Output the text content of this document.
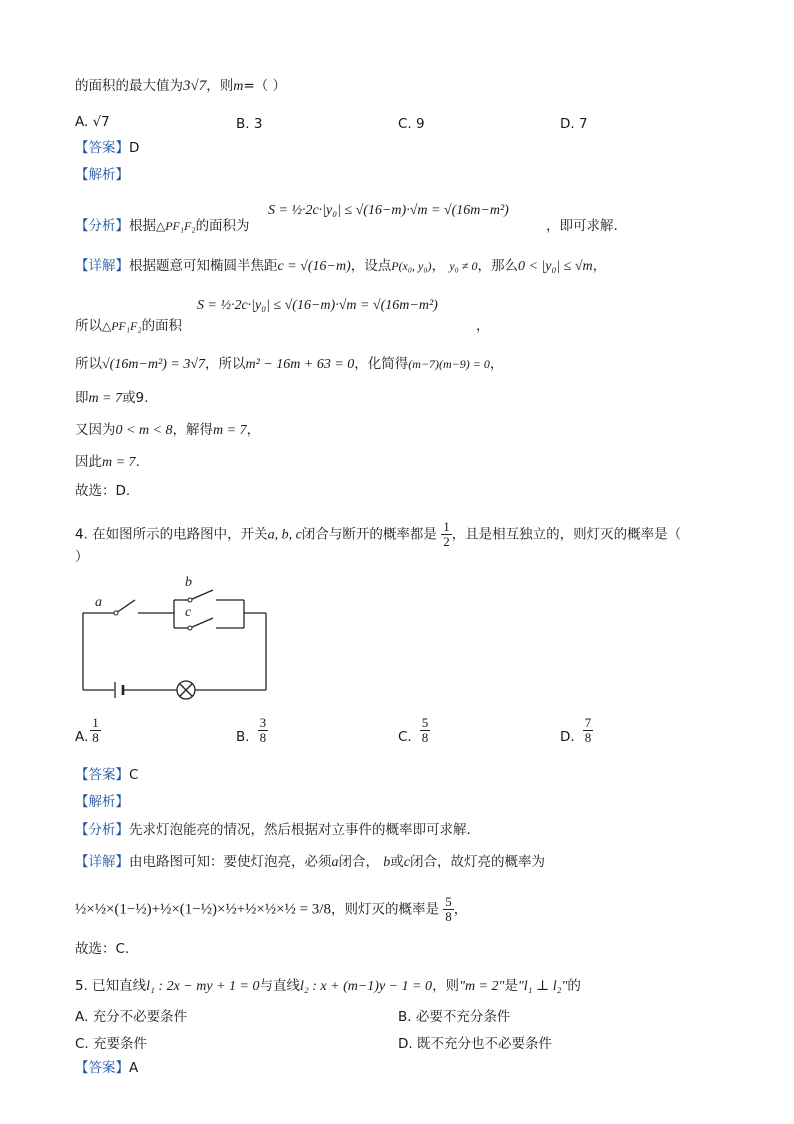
的面积的最大值为3√7，则m=（ ）
A. √7	B. 3	C. 9	D. 7
【答案】D
【解析】
【分析】根据△PF₁F₂的面积为
S = ½·2c·|y₀| ≤ √(16−m)·√m = √(16m−m²)
，即可求解.
【详解】根据题意可知椭圆半焦距c = √(16−m)，设点P(x₀, y₀)， y₀ ≠ 0，那么0 < |y₀| ≤ √m，
所以△PF₁F₂的面积
S = ½·2c·|y₀| ≤ √(16−m)·√m = √(16m−m²)
，
所以√(16m−m²) = 3√7，所以m² − 16m + 63 = 0，化简得(m−7)(m−9) = 0，
即m = 7或9.
又因为0 < m < 8，解得m = 7，
因此m = 7.
故选：D.
4. 在如图所示的电路图中，开关a, b, c闭合与断开的概率都是 $\frac{1}{2}$ ，且是相互独立的，则灯灭的概率是（
）
a
b
c
A. $\frac{1}{8}$	B. $\frac{3}{8}$	C. $\frac{5}{8}$	D. $\frac{7}{8}$
【答案】C
【解析】
【分析】先求灯泡能亮的情况，然后根据对立事件的概率即可求解.
【详解】由电路图可知：要使灯泡亮，必须a闭合， b或c闭合，故灯亮的概率为
½×½×(1−½)+½×(1−½)×½+½×½×½ = 3/8，则灯灭的概率是 $\frac{5}{8}$ ，
故选：C.
5. 已知直线l₁ : 2x − my + 1 = 0与直线l₂ : x + (m−1)y − 1 = 0，则"m = 2"是"l₁ ⊥ l₂"的
A. 充分不必要条件	B. 必要不充分条件
C. 充要条件	D. 既不充分也不必要条件
【答案】A
